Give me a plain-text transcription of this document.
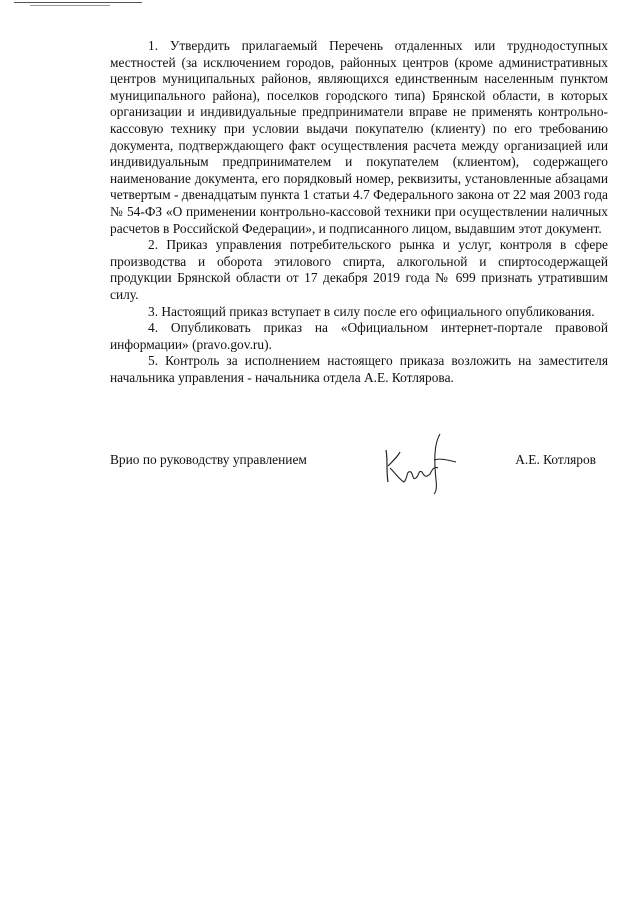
1. Утвердить прилагаемый Перечень отдаленных или труднодоступных местностей (за исключением городов, районных центров (кроме административных центров муниципальных районов, являющихся единственным населенным пунктом муниципального района), поселков городского типа) Брянской области, в которых организации и индивидуальные предприниматели вправе не применять контрольно-кассовую технику при условии выдачи покупателю (клиенту) по его требованию документа, подтверждающего факт осуществления расчета между организацией или индивидуальным предпринимателем и покупателем (клиентом), содержащего наименование документа, его порядковый номер, реквизиты, установленные абзацами четвертым - двенадцатым пункта 1 статьи 4.7 Федерального закона от 22 мая 2003 года № 54-ФЗ «О применении контрольно-кассовой техники при осуществлении наличных расчетов в Российской Федерации», и подписанного лицом, выдавшим этот документ.

2. Приказ управления потребительского рынка и услуг, контроля в сфере производства и оборота этилового спирта, алкогольной и спиртосодержащей продукции Брянской области от 17 декабря 2019 года № 699 признать утратившим силу.

3. Настоящий приказ вступает в силу после его официального опубликования.

4. Опубликовать приказ на «Официальном интернет-портале правовой информации» (pravo.gov.ru).

5. Контроль за исполнением настоящего приказа возложить на заместителя начальника управления - начальника отдела А.Е. Котлярова.

Врио по руководству управлением	А.Е. Котляров
